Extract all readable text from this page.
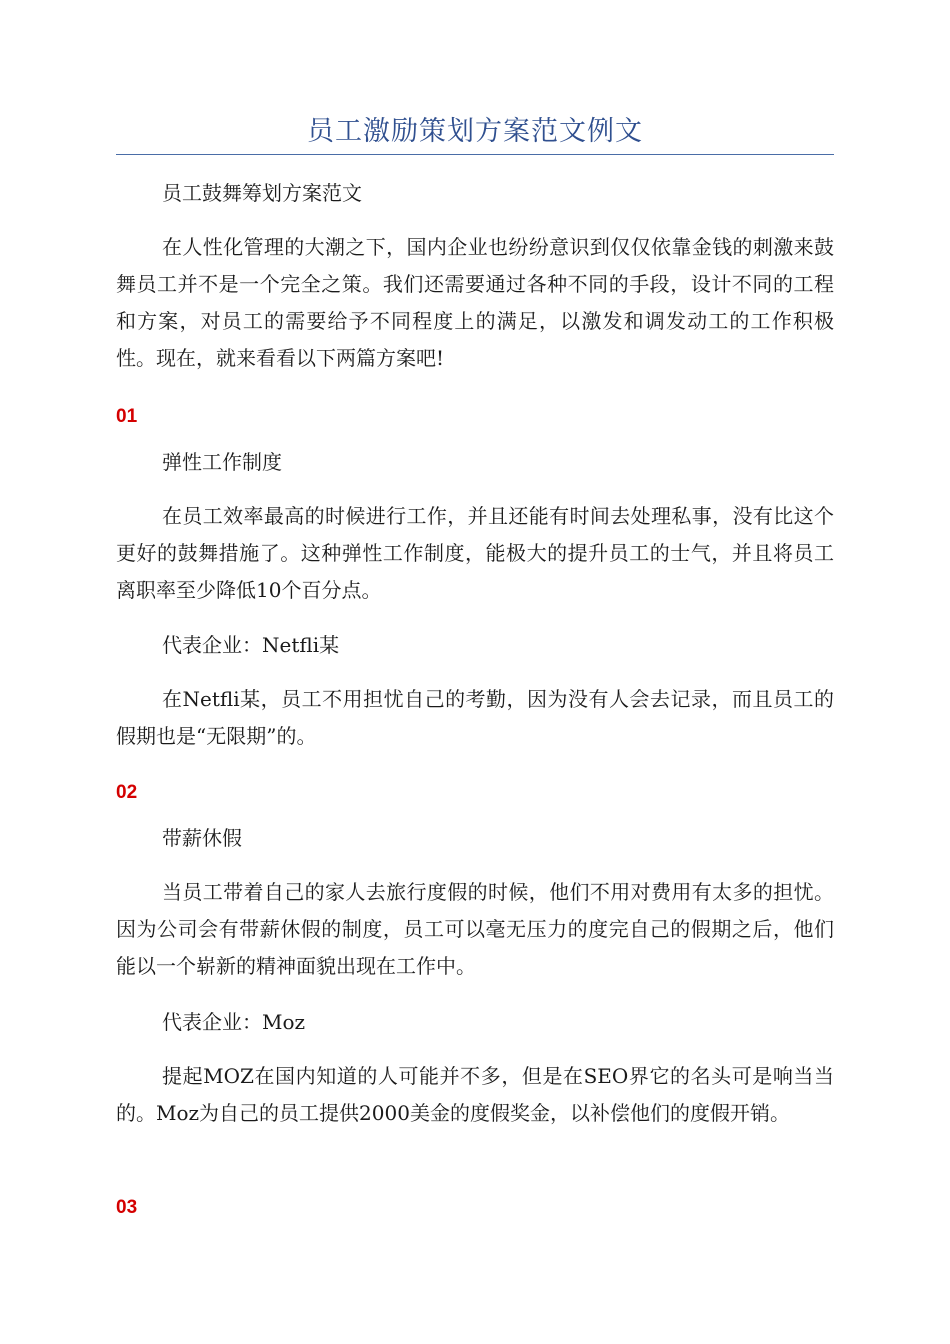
员工激励策划方案范文例文

员工鼓舞筹划方案范文

在人性化管理的大潮之下，国内企业也纷纷意识到仅仅依靠金钱的刺激来鼓舞员工并不是一个完全之策。我们还需要通过各种不同的手段，设计不同的工程和方案，对员工的需要给予不同程度上的满足，以激发和调发动工的工作积极性。现在，就来看看以下两篇方案吧!

01

弹性工作制度

在员工效率最高的时候进行工作，并且还能有时间去处理私事，没有比这个更好的鼓舞措施了。这种弹性工作制度，能极大的提升员工的士气，并且将员工离职率至少降低10个百分点。

代表企业：Netfli某

在Netfli某，员工不用担忧自己的考勤，因为没有人会去记录，而且员工的假期也是“无限期”的。

02

带薪休假

当员工带着自己的家人去旅行度假的时候，他们不用对费用有太多的担忧。因为公司会有带薪休假的制度，员工可以毫无压力的度完自己的假期之后，他们能以一个崭新的精神面貌出现在工作中。

代表企业：Moz

提起MOZ在国内知道的人可能并不多，但是在SEO界它的名头可是响当当的。Moz为自己的员工提供2000美金的度假奖金，以补偿他们的度假开销。

03
